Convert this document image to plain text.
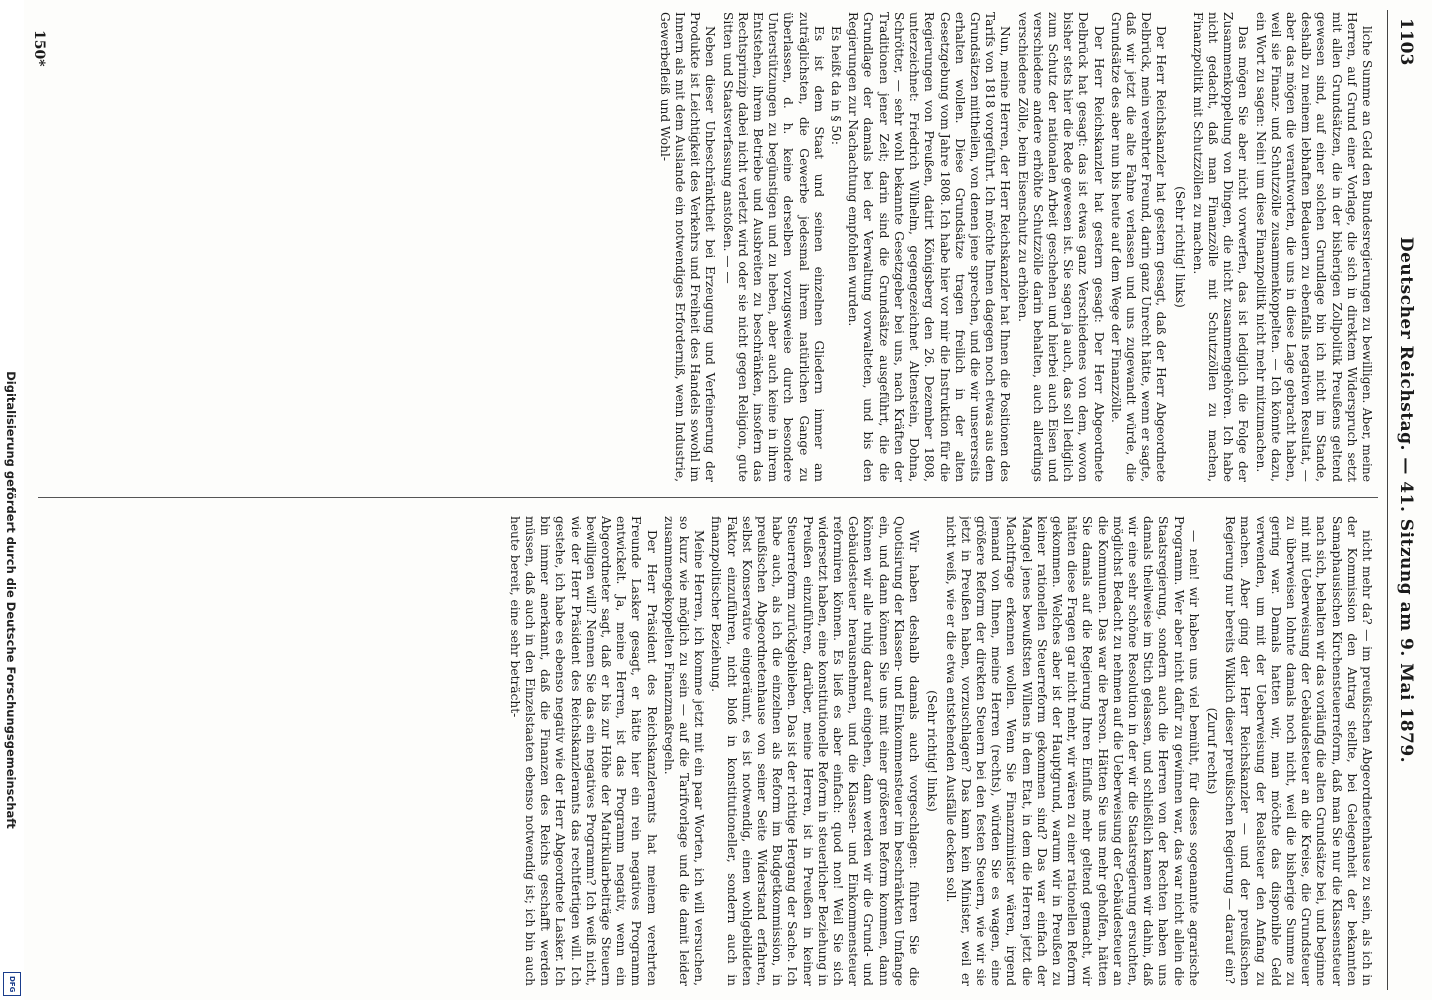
Digitalisierung gefördert durch die Deutsche Forschungsgemeinschaft
DFG
1103
Deutscher Reichstag. — 41. Sitzung am 9. Mai 1879.

liche Summe an Geld den Bundesregierungen zu bewilligen. Aber, meine Herren, auf Grund einer Vorlage, die sich in direktem Widerspruch setzt mit allen Grundsätzen, die in der bisherigen Zollpolitik Preußens geltend gewesen sind, auf einer solchen Grundlage bin ich nicht im Stande, deshalb zu meinem lebhaften Bedauern zu ebenfalls negativen Resultat, — aber das mögen die verantworten, die uns in diese Lage gebracht haben, weil sie Finanz- und Schutzzölle zusammenkoppelten. — Ich könnte dazu, ein Wort zu sagen: Nein! um diese Finanzpolitik nicht mehr mitzumachen.

Das mögen Sie aber nicht vorwerfen, das ist lediglich die Folge der Zusammenkoppelung von Dingen, die nicht zusammengehören. Ich habe nicht gedacht, daß man Finanzzölle mit Schutzzöllen zu machen, Finanzpolitik mit Schutzzöllen zu machen.

(Sehr richtig! links)

Der Herr Reichskanzler hat gestern gesagt, daß der Herr Abgeordnete Delbrück, mein verehrter Freund, darin ganz Unrecht hätte, wenn er sagte, daß wir jetzt die alte Fahne verlassen und uns zugewandt würde, die Grundsätze des aber nun bis heute auf dem Wege der Finanzzölle.

Der Herr Reichskanzler hat gestern gesagt: Der Herr Abgeordnete Delbrück hat gesagt: das ist etwas ganz Verschiedenes von dem, wovon bisher stets hier die Rede gewesen ist. Sie sagen ja auch, das soll lediglich zum Schutz der nationalen Arbeit geschehen und hierbei auch Eisen und verschiedene andere erhöhte Schutzzölle darin behalten, auch allerdings verschiedene Zölle, beim Eisenschutz zu erhöhen.

Nun, meine Herren, der Herr Reichskanzler hat Ihnen die Positionen des Tarifs von 1818 vorgeführt. Ich möchte Ihnen dagegen noch etwas aus dem Grundsätzen mittheilen, von denen jene sprechen, und die wir unsererseits erhalten wollen. Diese Grundsätze tragen freilich in der alten Gesetzgebung vom Jahre 1808. Ich habe hier vor mir die Instruktion für die Regierungen von Preußen, datirt Königsberg den 26. Dezember 1808, unterzeichnet: Friedrich Wilhelm, gegengezeichnet Altenstein, Dohna, Schrötter, — sehr wohl bekannte Gesetzgeber bei uns, nach Kräften der Traditionen jener Zeit; darin sind die Grundsätze ausgeführt, die die Grundlage der damals bei der Verwaltung vorwalteten, und bis den Regierungen zur Nachachtung empfohlen wurden.

Es heißt da in § 50:

Es ist dem Staat und seinen einzelnen Gliedern immer am zuträglichsten, die Gewerbe jedesmal ihrem natürlichen Gange zu überlassen, d. h. keine derselben vorzugsweise durch besondere Unterstützungen zu begünstigen und zu heben, aber auch keine in ihrem Entstehen, ihrem Betriebe und Ausbreiten zu beschränken, insofern das Rechtsprinzip dabei nicht verletzt wird oder sie nicht gegen Religion, gute Sitten und Staatsverfassung anstoßen. — —

Neben dieser Unbeschränktheit bei Erzeugung und Verfeinerung der Produkte ist Leichtigkeit des Verkehrs und Freiheit des Handels sowohl im Innern als mit dem Auslande ein notwendiges Erforderniß, wenn Industrie, Gewerbefleiß und Wohl-

nicht mehr da? — im preußischen Abgeordnetenhause zu sein, als ich in der Kommission den Antrag stellte, bei Gelegenheit der bekannten Samaphausischen Kirchensteuerreform, daß man Sie nur die Klassensteuer nach sich, behalten wir das vorläufig die alten Grundsätze bei, und beginne mit mit Ueberweisung der Gebäudesteuer an die Kreise, die Grundsteuer zu überweisen lohnte damals noch nicht, weil die bisherige Summe zu gering war. Damals hatten wir, man möchte das disponible Geld verwenden, um mit der Ueberweisung der Realsteuer den Anfang zu machen. Aber ging der Herr Reichskanzler — und der preußischen Regierung nur bereits Wiklich dieser preußischen Regierung — darauf ein?

(Zuruf rechts)

— nein! wir haben uns viel bemüht, für dieses sogenannte agrarische Programm. Wer aber nicht dafür zu gewinnen war, das war nicht allein die Staatsregierung, sondern auch die Herren von der Rechten haben uns damals theilweise im Stich gelassen, und schließlich kamen wir dahin, daß wir eine sehr schöne Resolution in der wir die Staatsregierung ersuchten, möglichst Bedacht zu nehmen auf die Ueberweisung der Gebäudesteuer an die Kommunen. Das war die Person. Hätten Sie uns mehr geholfen, hätten Sie damals auf die Regierung Ihren Einfluß mehr geltend gemacht, wir hätten diese Fragen gar nicht mehr, wir wären zu einer rationellen Reform gekommen. Welches aber ist der Hauptgrund, warum wir in Preußen zu keiner rationellen Steuerreform gekommen sind? Das war einfach der Mangel jenes bewußtsten Willens in dem Etat, in dem die Herren jetzt die Machtfrage erkennen wollen. Wenn Sie Finanzminister wären, irgend jemand von Ihnen, meine Herren (rechts), würden Sie es wagen, eine größere Reform der direkten Steuern bei den festen Steuern, wie wir sie jetzt in Preußen haben, vorzuschlagen? Das kann kein Minister, weil er nicht weiß, wie er die etwa entstehenden Ausfälle decken soll.

(Sehr richtig! links)

Wir haben deshalb damals auch vorgeschlagen: führen Sie die Quotisirung der Klassen- und Einkommensteuer im beschränkten Umfange ein, und dann können Sie uns mit einer größeren Reform kommen, dann können wir alle ruhig darauf eingehen, dann werden wir die Grund- und Gebäudesteuer herausnehmen, und die Klassen- und Einkommensteuer reformiren können. Es ließ es aber einfach: quod non! Weil Sie sich widersetzt haben, eine konstitutionelle Reform in steuerlicher Beziehung in Preußen einzuführen, darüber, meine Herren, ist in Preußen in keiner Steuerreform zurückgeblieben. Das ist der richtige Hergang der Sache. Ich habe auch, als ich die einzelnen als Reform im Budgetkommission, in preußischen Abgeordnetenhause von seiner Seite Widerstand erfahren, selbst Konservative eingeräumt, es ist notwendig, einen wohlgebildeten Faktor einzuführen, nicht bloß in konstitutioneller, sondern auch in finanzpolitischer Beziehung.

Meine Herren, ich komme jetzt mit ein paar Worten, ich will versuchen, so kurz wie möglich zu sein — auf die Tarifvorlage und die damit leider zusammengekoppelten Finanzmaßregeln.

Der Herr Präsident des Reichskanzleramts hat meinem verehrten Freunde Lasker gesagt, er hätte hier ein rein negatives Programm entwickelt. Ja, meine Herren, ist das Programm negativ, wenn ein Abgeordneter sagt, daß er bis zur Höhe der Matrikularbeiträge Steuern bewilligen will? Nennen Sie das ein negatives Programm? Ich weiß nicht, wie der Herr Präsident des Reichskanzleramts das rechtfertigen will. Ich gestehe, ich habe es ebenso negativ wie der Herr Abgeordnete Lasker. Ich bin immer anerkannt, daß die Finanzen des Reichs geschafft werden müssen, daß auch in den Einzelstaaten ebenso notwendig ist; ich bin auch heute bereit, eine sehr beträcht-

150*
